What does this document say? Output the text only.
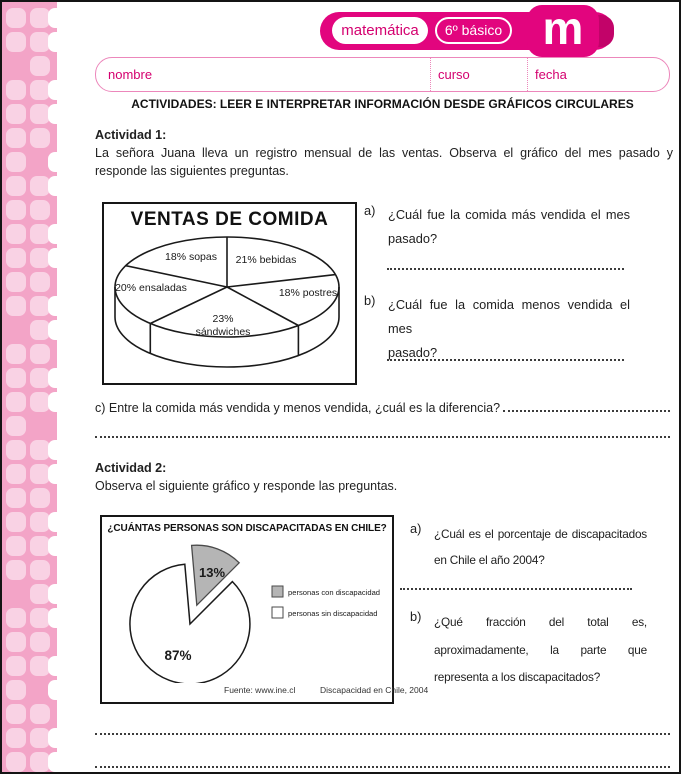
matemática	6º básico m
nombre	curso	fecha
ACTIVIDADES: LEER E INTERPRETAR INFORMACIÓN DESDE GRÁFICOS CIRCULARES
Actividad 1:
La señora Juana lleva un registro mensual de las ventas. Observa el gráfico del mes pasado y responde las siguientes preguntas.
VENTAS DE COMIDA
18% sopas 21% bebidas
20% ensaladas	18% postres
23%
sándwiches
a) ¿Cuál fue la comida más vendida el mes
pasado?
b) ¿Cuál fue la comida menos vendida el mes
pasado?
c) Entre la comida más vendida y menos vendida, ¿cuál es la diferencia?
Actividad 2:
Observa el siguiente gráfico y responde las preguntas.
¿CUÁNTAS PERSONAS SON DISCAPACITADAS EN CHILE?
13%
87%
personas con discapacidad
personas sin discapacidad
Fuente: www.ine.cl	Discapacidad en Chile, 2004
a)	¿Cuál es el porcentaje de discapacitados
en Chile el año 2004?
b)	¿Qué fracción del total es,
aproximadamente, la parte que
representa a los discapacitados?
